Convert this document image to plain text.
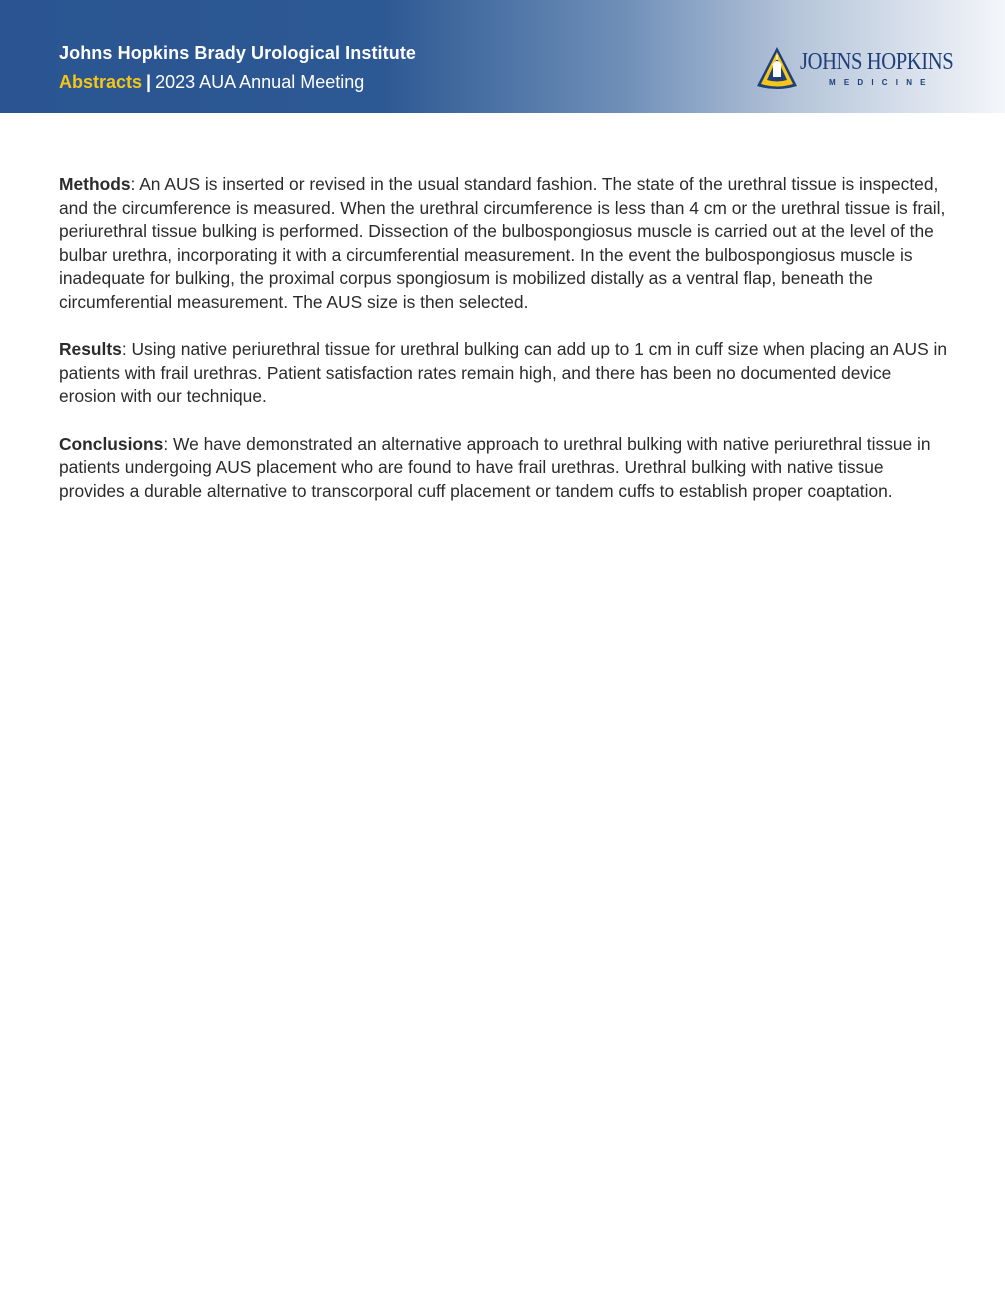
Johns Hopkins Brady Urological Institute
Abstracts | 2023 AUA Annual Meeting
JOHNS HOPKINS
MEDICINE

Methods: An AUS is inserted or revised in the usual standard fashion. The state of the urethral tissue is inspected, and the circumference is measured. When the urethral circumference is less than 4 cm or the urethral tissue is frail, periurethral tissue bulking is performed. Dissection of the bulbospongiosus muscle is carried out at the level of the bulbar urethra, incorporating it with a circumferential measurement. In the event the bulbospongiosus muscle is inadequate for bulking, the proximal corpus spongiosum is mobilized distally as a ventral flap, beneath the circumferential measurement. The AUS size is then selected.

Results: Using native periurethral tissue for urethral bulking can add up to 1 cm in cuff size when placing an AUS in patients with frail urethras. Patient satisfaction rates remain high, and there has been no documented device erosion with our technique.

Conclusions: We have demonstrated an alternative approach to urethral bulking with native periurethral tissue in patients undergoing AUS placement who are found to have frail urethras. Urethral bulking with native tissue provides a durable alternative to transcorporal cuff placement or tandem cuffs to establish proper coaptation.
